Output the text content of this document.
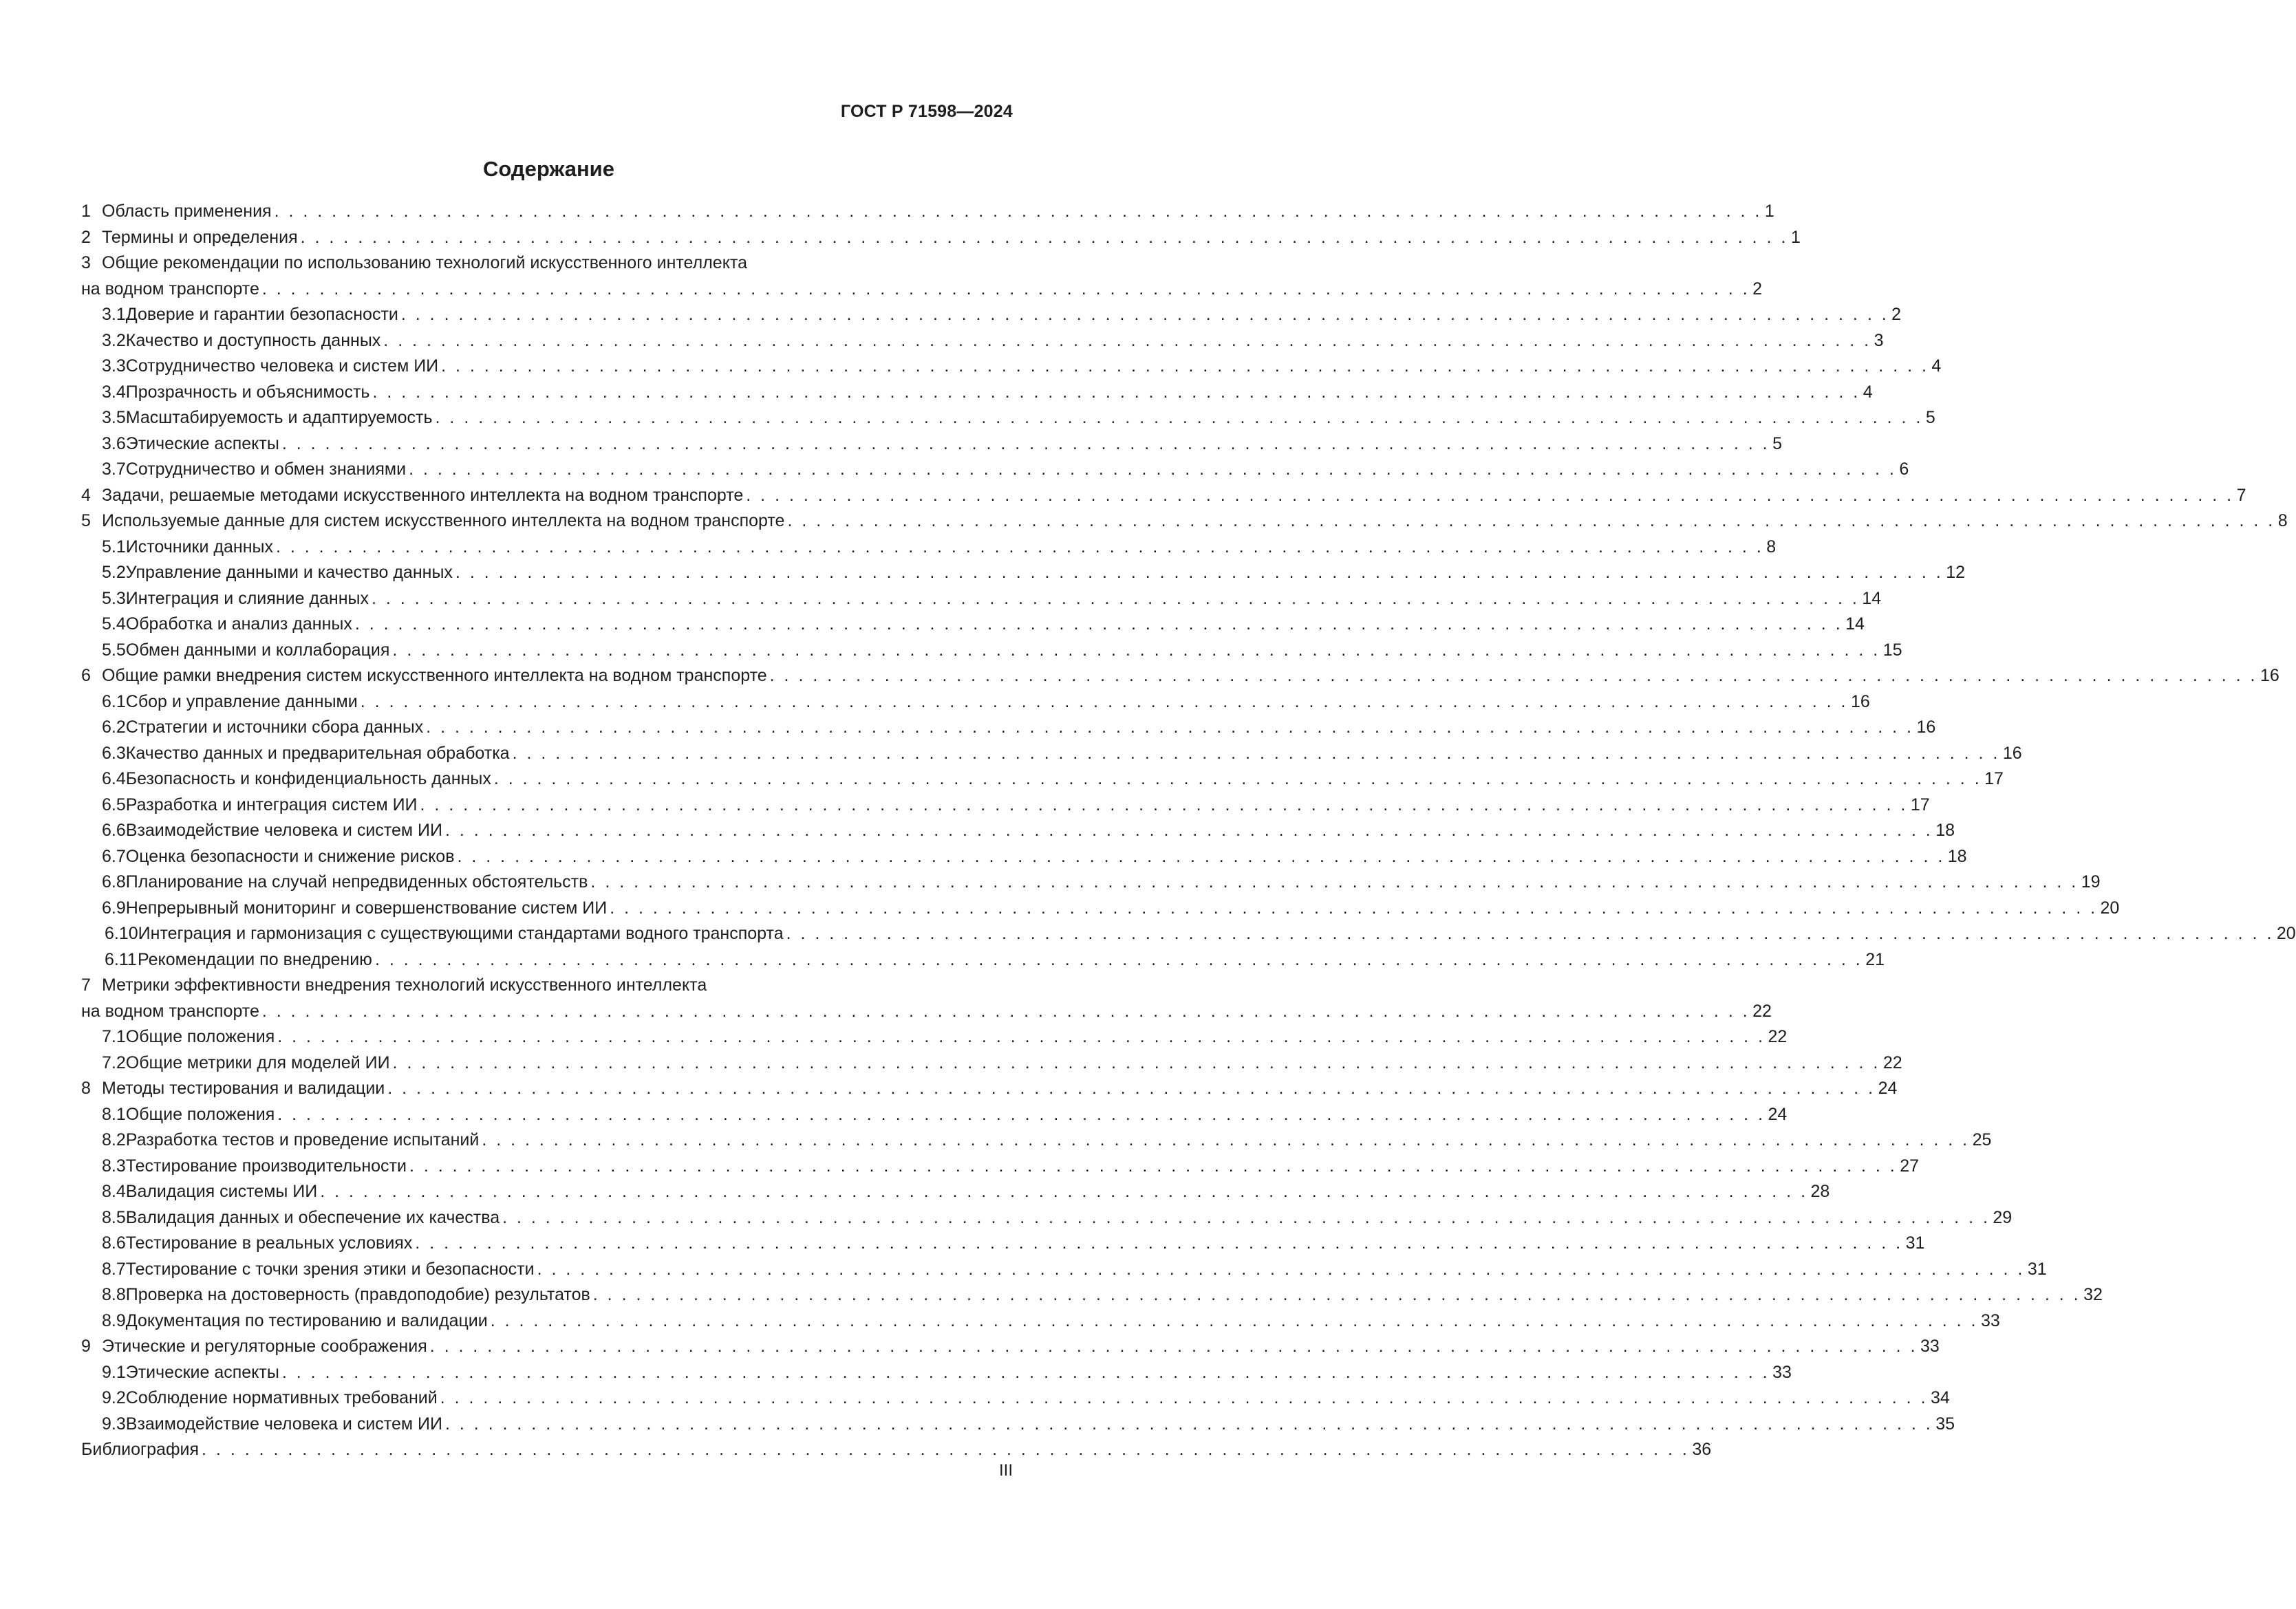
ГОСТ Р 71598—2024
Содержание
1 Область применения . . . . . . . . . . . . . . . . . . . . . . . . . . . . . . . . . . . . . . . . . . . . . . . . . . . . . . . . . . . . . . . . . . . . . . . . . . . . . . . . . . . . . . . . . . . . . . . . . . . . . . . . 1
2 Термины и определения . . . . . . . . . . . . . . . . . . . . . . . . . . . . . . . . . . . . . . . . . . . . . . . . . . . . . . . . . . . . . . . . . . . . . . . . . . . . . . . . . . . . . . . . . . . . . . . . . . . . . . . . 1
3 Общие рекомендации по использованию технологий искусственного интеллекта
на водном транспорте . . . . . . . . . . . . . . . . . . . . . . . . . . . . . . . . . . . . . . . . . . . . . . . . . . . . . . . . . . . . . . . . . . . . . . . . . . . . . . . . . . . . . . . . . . . . . . . . . . . . . . . . 2
3.1 Доверие и гарантии безопасности . . . . . . . . . . . . . . . . . . . . . . . . . . . . . . . . . . . . . . . . . . . . . . . . . . . . . . . . . . . . . . . . . . . . . . . . . . . . . . . . . . . . . . . . . . . . . . . . . . . . . . . . 2
3.2 Качество и доступность данных . . . . . . . . . . . . . . . . . . . . . . . . . . . . . . . . . . . . . . . . . . . . . . . . . . . . . . . . . . . . . . . . . . . . . . . . . . . . . . . . . . . . . . . . . . . . . . . . . . . . . . . . 3
3.3 Сотрудничество человека и систем ИИ . . . . . . . . . . . . . . . . . . . . . . . . . . . . . . . . . . . . . . . . . . . . . . . . . . . . . . . . . . . . . . . . . . . . . . . . . . . . . . . . . . . . . . . . . . . . . . . . . . . . . . . . 4
3.4 Прозрачность и объяснимость . . . . . . . . . . . . . . . . . . . . . . . . . . . . . . . . . . . . . . . . . . . . . . . . . . . . . . . . . . . . . . . . . . . . . . . . . . . . . . . . . . . . . . . . . . . . . . . . . . . . . . . . 4
3.5 Масштабируемость и адаптируемость . . . . . . . . . . . . . . . . . . . . . . . . . . . . . . . . . . . . . . . . . . . . . . . . . . . . . . . . . . . . . . . . . . . . . . . . . . . . . . . . . . . . . . . . . . . . . . . . . . . . . . . . 5
3.6 Этические аспекты . . . . . . . . . . . . . . . . . . . . . . . . . . . . . . . . . . . . . . . . . . . . . . . . . . . . . . . . . . . . . . . . . . . . . . . . . . . . . . . . . . . . . . . . . . . . . . . . . . . . . . . . 5
3.7 Сотрудничество и обмен знаниями . . . . . . . . . . . . . . . . . . . . . . . . . . . . . . . . . . . . . . . . . . . . . . . . . . . . . . . . . . . . . . . . . . . . . . . . . . . . . . . . . . . . . . . . . . . . . . . . . . . . . . . . 6
4 Задачи, решаемые методами искусственного интеллекта на водном транспорте . . . . . . . . . . . . . . . . . . . . . . . . . . . . . . . . . . . . . . . . . . . . . . . . . . . . . . . . . . . . . . . . . . . . . . . . . . . . . . . . . . . . . . . . . . . . . . . . . . . . . . . . 7
5 Используемые данные для систем искусственного интеллекта на водном транспорте . . . . . . . . . . . . . . . . . . . . . . . . . . . . . . . . . . . . . . . . . . . . . . . . . . . . . . . . . . . . . . . . . . . . . . . . . . . . . . . . . . . . . . . . . . . . . . . . . . . . . . . . 8
5.1 Источники данных . . . . . . . . . . . . . . . . . . . . . . . . . . . . . . . . . . . . . . . . . . . . . . . . . . . . . . . . . . . . . . . . . . . . . . . . . . . . . . . . . . . . . . . . . . . . . . . . . . . . . . . . 8
5.2 Управление данными и качество данных . . . . . . . . . . . . . . . . . . . . . . . . . . . . . . . . . . . . . . . . . . . . . . . . . . . . . . . . . . . . . . . . . . . . . . . . . . . . . . . . . . . . . . . . . . . . . . . . . . . . . . . . 12
5.3 Интеграция и слияние данных . . . . . . . . . . . . . . . . . . . . . . . . . . . . . . . . . . . . . . . . . . . . . . . . . . . . . . . . . . . . . . . . . . . . . . . . . . . . . . . . . . . . . . . . . . . . . . . . . . . . . . . . 14
5.4 Обработка и анализ данных . . . . . . . . . . . . . . . . . . . . . . . . . . . . . . . . . . . . . . . . . . . . . . . . . . . . . . . . . . . . . . . . . . . . . . . . . . . . . . . . . . . . . . . . . . . . . . . . . . . . . . . . 14
5.5 Обмен данными и коллаборация . . . . . . . . . . . . . . . . . . . . . . . . . . . . . . . . . . . . . . . . . . . . . . . . . . . . . . . . . . . . . . . . . . . . . . . . . . . . . . . . . . . . . . . . . . . . . . . . . . . . . . . . 15
6 Общие рамки внедрения систем искусственного интеллекта на водном транспорте . . . . . . . . . . . . . . . . . . . . . . . . . . . . . . . . . . . . . . . . . . . . . . . . . . . . . . . . . . . . . . . . . . . . . . . . . . . . . . . . . . . . . . . . . . . . . . . . . . . . . . . . 16
6.1 Сбор и управление данными . . . . . . . . . . . . . . . . . . . . . . . . . . . . . . . . . . . . . . . . . . . . . . . . . . . . . . . . . . . . . . . . . . . . . . . . . . . . . . . . . . . . . . . . . . . . . . . . . . . . . . . . 16
6.2 Стратегии и источники сбора данных . . . . . . . . . . . . . . . . . . . . . . . . . . . . . . . . . . . . . . . . . . . . . . . . . . . . . . . . . . . . . . . . . . . . . . . . . . . . . . . . . . . . . . . . . . . . . . . . . . . . . . . . 16
6.3 Качество данных и предварительная обработка . . . . . . . . . . . . . . . . . . . . . . . . . . . . . . . . . . . . . . . . . . . . . . . . . . . . . . . . . . . . . . . . . . . . . . . . . . . . . . . . . . . . . . . . . . . . . . . . . . . . . . . . 16
6.4 Безопасность и конфиденциальность данных . . . . . . . . . . . . . . . . . . . . . . . . . . . . . . . . . . . . . . . . . . . . . . . . . . . . . . . . . . . . . . . . . . . . . . . . . . . . . . . . . . . . . . . . . . . . . . . . . . . . . . . . 17
6.5 Разработка и интеграция систем ИИ . . . . . . . . . . . . . . . . . . . . . . . . . . . . . . . . . . . . . . . . . . . . . . . . . . . . . . . . . . . . . . . . . . . . . . . . . . . . . . . . . . . . . . . . . . . . . . . . . . . . . . . . 17
6.6 Взаимодействие человека и систем ИИ . . . . . . . . . . . . . . . . . . . . . . . . . . . . . . . . . . . . . . . . . . . . . . . . . . . . . . . . . . . . . . . . . . . . . . . . . . . . . . . . . . . . . . . . . . . . . . . . . . . . . . . . 18
6.7 Оценка безопасности и снижение рисков . . . . . . . . . . . . . . . . . . . . . . . . . . . . . . . . . . . . . . . . . . . . . . . . . . . . . . . . . . . . . . . . . . . . . . . . . . . . . . . . . . . . . . . . . . . . . . . . . . . . . . . . 18
6.8 Планирование на случай непредвиденных обстоятельств . . . . . . . . . . . . . . . . . . . . . . . . . . . . . . . . . . . . . . . . . . . . . . . . . . . . . . . . . . . . . . . . . . . . . . . . . . . . . . . . . . . . . . . . . . . . . . . . . . . . . . . . 19
6.9 Непрерывный мониторинг и совершенствование систем ИИ . . . . . . . . . . . . . . . . . . . . . . . . . . . . . . . . . . . . . . . . . . . . . . . . . . . . . . . . . . . . . . . . . . . . . . . . . . . . . . . . . . . . . . . . . . . . . . . . . . . . . . . . 20
6.10 Интеграция и гармонизация с существующими стандартами водного транспорта . . . . . . . . . . . . . . . . . . . . . . . . . . . . . . . . . . . . . . . . . . . . . . . . . . . . . . . . . . . . . . . . . . . . . . . . . . . . . . . . . . . . . . . . . . . . . . . . . . . . . . . . 20
6.11 Рекомендации по внедрению . . . . . . . . . . . . . . . . . . . . . . . . . . . . . . . . . . . . . . . . . . . . . . . . . . . . . . . . . . . . . . . . . . . . . . . . . . . . . . . . . . . . . . . . . . . . . . . . . . . . . . . . 21
7 Метрики эффективности внедрения технологий искусственного интеллекта
на водном транспорте . . . . . . . . . . . . . . . . . . . . . . . . . . . . . . . . . . . . . . . . . . . . . . . . . . . . . . . . . . . . . . . . . . . . . . . . . . . . . . . . . . . . . . . . . . . . . . . . . . . . . . . . 22
7.1 Общие положения . . . . . . . . . . . . . . . . . . . . . . . . . . . . . . . . . . . . . . . . . . . . . . . . . . . . . . . . . . . . . . . . . . . . . . . . . . . . . . . . . . . . . . . . . . . . . . . . . . . . . . . . 22
7.2 Общие метрики для моделей ИИ . . . . . . . . . . . . . . . . . . . . . . . . . . . . . . . . . . . . . . . . . . . . . . . . . . . . . . . . . . . . . . . . . . . . . . . . . . . . . . . . . . . . . . . . . . . . . . . . . . . . . . . . 22
8 Методы тестирования и валидации . . . . . . . . . . . . . . . . . . . . . . . . . . . . . . . . . . . . . . . . . . . . . . . . . . . . . . . . . . . . . . . . . . . . . . . . . . . . . . . . . . . . . . . . . . . . . . . . . . . . . . . . 24
8.1 Общие положения . . . . . . . . . . . . . . . . . . . . . . . . . . . . . . . . . . . . . . . . . . . . . . . . . . . . . . . . . . . . . . . . . . . . . . . . . . . . . . . . . . . . . . . . . . . . . . . . . . . . . . . . 24
8.2 Разработка тестов и проведение испытаний . . . . . . . . . . . . . . . . . . . . . . . . . . . . . . . . . . . . . . . . . . . . . . . . . . . . . . . . . . . . . . . . . . . . . . . . . . . . . . . . . . . . . . . . . . . . . . . . . . . . . . . . 25
8.3 Тестирование производительности . . . . . . . . . . . . . . . . . . . . . . . . . . . . . . . . . . . . . . . . . . . . . . . . . . . . . . . . . . . . . . . . . . . . . . . . . . . . . . . . . . . . . . . . . . . . . . . . . . . . . . . . 27
8.4 Валидация системы ИИ . . . . . . . . . . . . . . . . . . . . . . . . . . . . . . . . . . . . . . . . . . . . . . . . . . . . . . . . . . . . . . . . . . . . . . . . . . . . . . . . . . . . . . . . . . . . . . . . . . . . . . . . 28
8.5 Валидация данных и обеспечение их качества . . . . . . . . . . . . . . . . . . . . . . . . . . . . . . . . . . . . . . . . . . . . . . . . . . . . . . . . . . . . . . . . . . . . . . . . . . . . . . . . . . . . . . . . . . . . . . . . . . . . . . . . 29
8.6 Тестирование в реальных условиях . . . . . . . . . . . . . . . . . . . . . . . . . . . . . . . . . . . . . . . . . . . . . . . . . . . . . . . . . . . . . . . . . . . . . . . . . . . . . . . . . . . . . . . . . . . . . . . . . . . . . . . . 31
8.7 Тестирование с точки зрения этики и безопасности . . . . . . . . . . . . . . . . . . . . . . . . . . . . . . . . . . . . . . . . . . . . . . . . . . . . . . . . . . . . . . . . . . . . . . . . . . . . . . . . . . . . . . . . . . . . . . . . . . . . . . . . 31
8.8 Проверка на достоверность (правдоподобие) результатов . . . . . . . . . . . . . . . . . . . . . . . . . . . . . . . . . . . . . . . . . . . . . . . . . . . . . . . . . . . . . . . . . . . . . . . . . . . . . . . . . . . . . . . . . . . . . . . . . . . . . . . . 32
8.9 Документация по тестированию и валидации . . . . . . . . . . . . . . . . . . . . . . . . . . . . . . . . . . . . . . . . . . . . . . . . . . . . . . . . . . . . . . . . . . . . . . . . . . . . . . . . . . . . . . . . . . . . . . . . . . . . . . . . 33
9 Этические и регуляторные соображения . . . . . . . . . . . . . . . . . . . . . . . . . . . . . . . . . . . . . . . . . . . . . . . . . . . . . . . . . . . . . . . . . . . . . . . . . . . . . . . . . . . . . . . . . . . . . . . . . . . . . . . . 33
9.1 Этические аспекты . . . . . . . . . . . . . . . . . . . . . . . . . . . . . . . . . . . . . . . . . . . . . . . . . . . . . . . . . . . . . . . . . . . . . . . . . . . . . . . . . . . . . . . . . . . . . . . . . . . . . . . . 33
9.2 Соблюдение нормативных требований . . . . . . . . . . . . . . . . . . . . . . . . . . . . . . . . . . . . . . . . . . . . . . . . . . . . . . . . . . . . . . . . . . . . . . . . . . . . . . . . . . . . . . . . . . . . . . . . . . . . . . . . 34
9.3 Взаимодействие человека и систем ИИ . . . . . . . . . . . . . . . . . . . . . . . . . . . . . . . . . . . . . . . . . . . . . . . . . . . . . . . . . . . . . . . . . . . . . . . . . . . . . . . . . . . . . . . . . . . . . . . . . . . . . . . . 35
Библиография . . . . . . . . . . . . . . . . . . . . . . . . . . . . . . . . . . . . . . . . . . . . . . . . . . . . . . . . . . . . . . . . . . . . . . . . . . . . . . . . . . . . . . . . . . . . . . . . . . . . . . . . 36
III
